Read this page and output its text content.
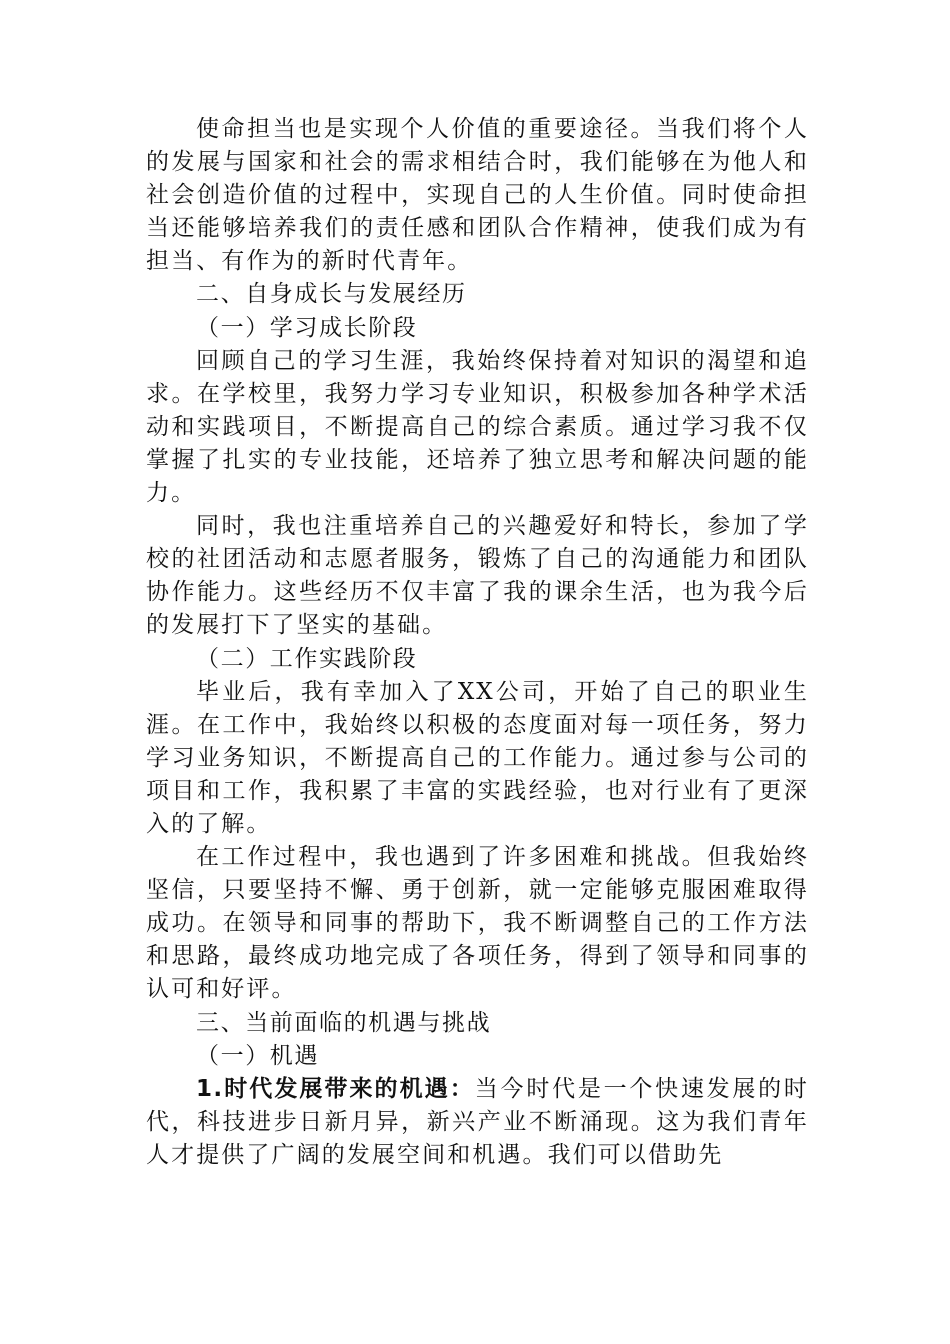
使命担当也是实现个人价值的重要途径。当我们将个人的发展与国家和社会的需求相结合时，我们能够在为他人和社会创造价值的过程中，实现自己的人生价值。同时使命担当还能够培养我们的责任感和团队合作精神，使我们成为有担当、有作为的新时代青年。

二、自身成长与发展经历

（一）学习成长阶段

回顾自己的学习生涯，我始终保持着对知识的渴望和追求。在学校里，我努力学习专业知识，积极参加各种学术活动和实践项目，不断提高自己的综合素质。通过学习我不仅掌握了扎实的专业技能，还培养了独立思考和解决问题的能力。

同时，我也注重培养自己的兴趣爱好和特长，参加了学校的社团活动和志愿者服务，锻炼了自己的沟通能力和团队协作能力。这些经历不仅丰富了我的课余生活，也为我今后的发展打下了坚实的基础。

（二）工作实践阶段

毕业后，我有幸加入了XX公司，开始了自己的职业生涯。在工作中，我始终以积极的态度面对每一项任务，努力学习业务知识，不断提高自己的工作能力。通过参与公司的项目和工作，我积累了丰富的实践经验，也对行业有了更深入的了解。

在工作过程中，我也遇到了许多困难和挑战。但我始终坚信，只要坚持不懈、勇于创新，就一定能够克服困难取得成功。在领导和同事的帮助下，我不断调整自己的工作方法和思路，最终成功地完成了各项任务，得到了领导和同事的认可和好评。

三、当前面临的机遇与挑战

（一）机遇

1.时代发展带来的机遇：当今时代是一个快速发展的时代，科技进步日新月异，新兴产业不断涌现。这为我们青年人才提供了广阔的发展空间和机遇。我们可以借助先
